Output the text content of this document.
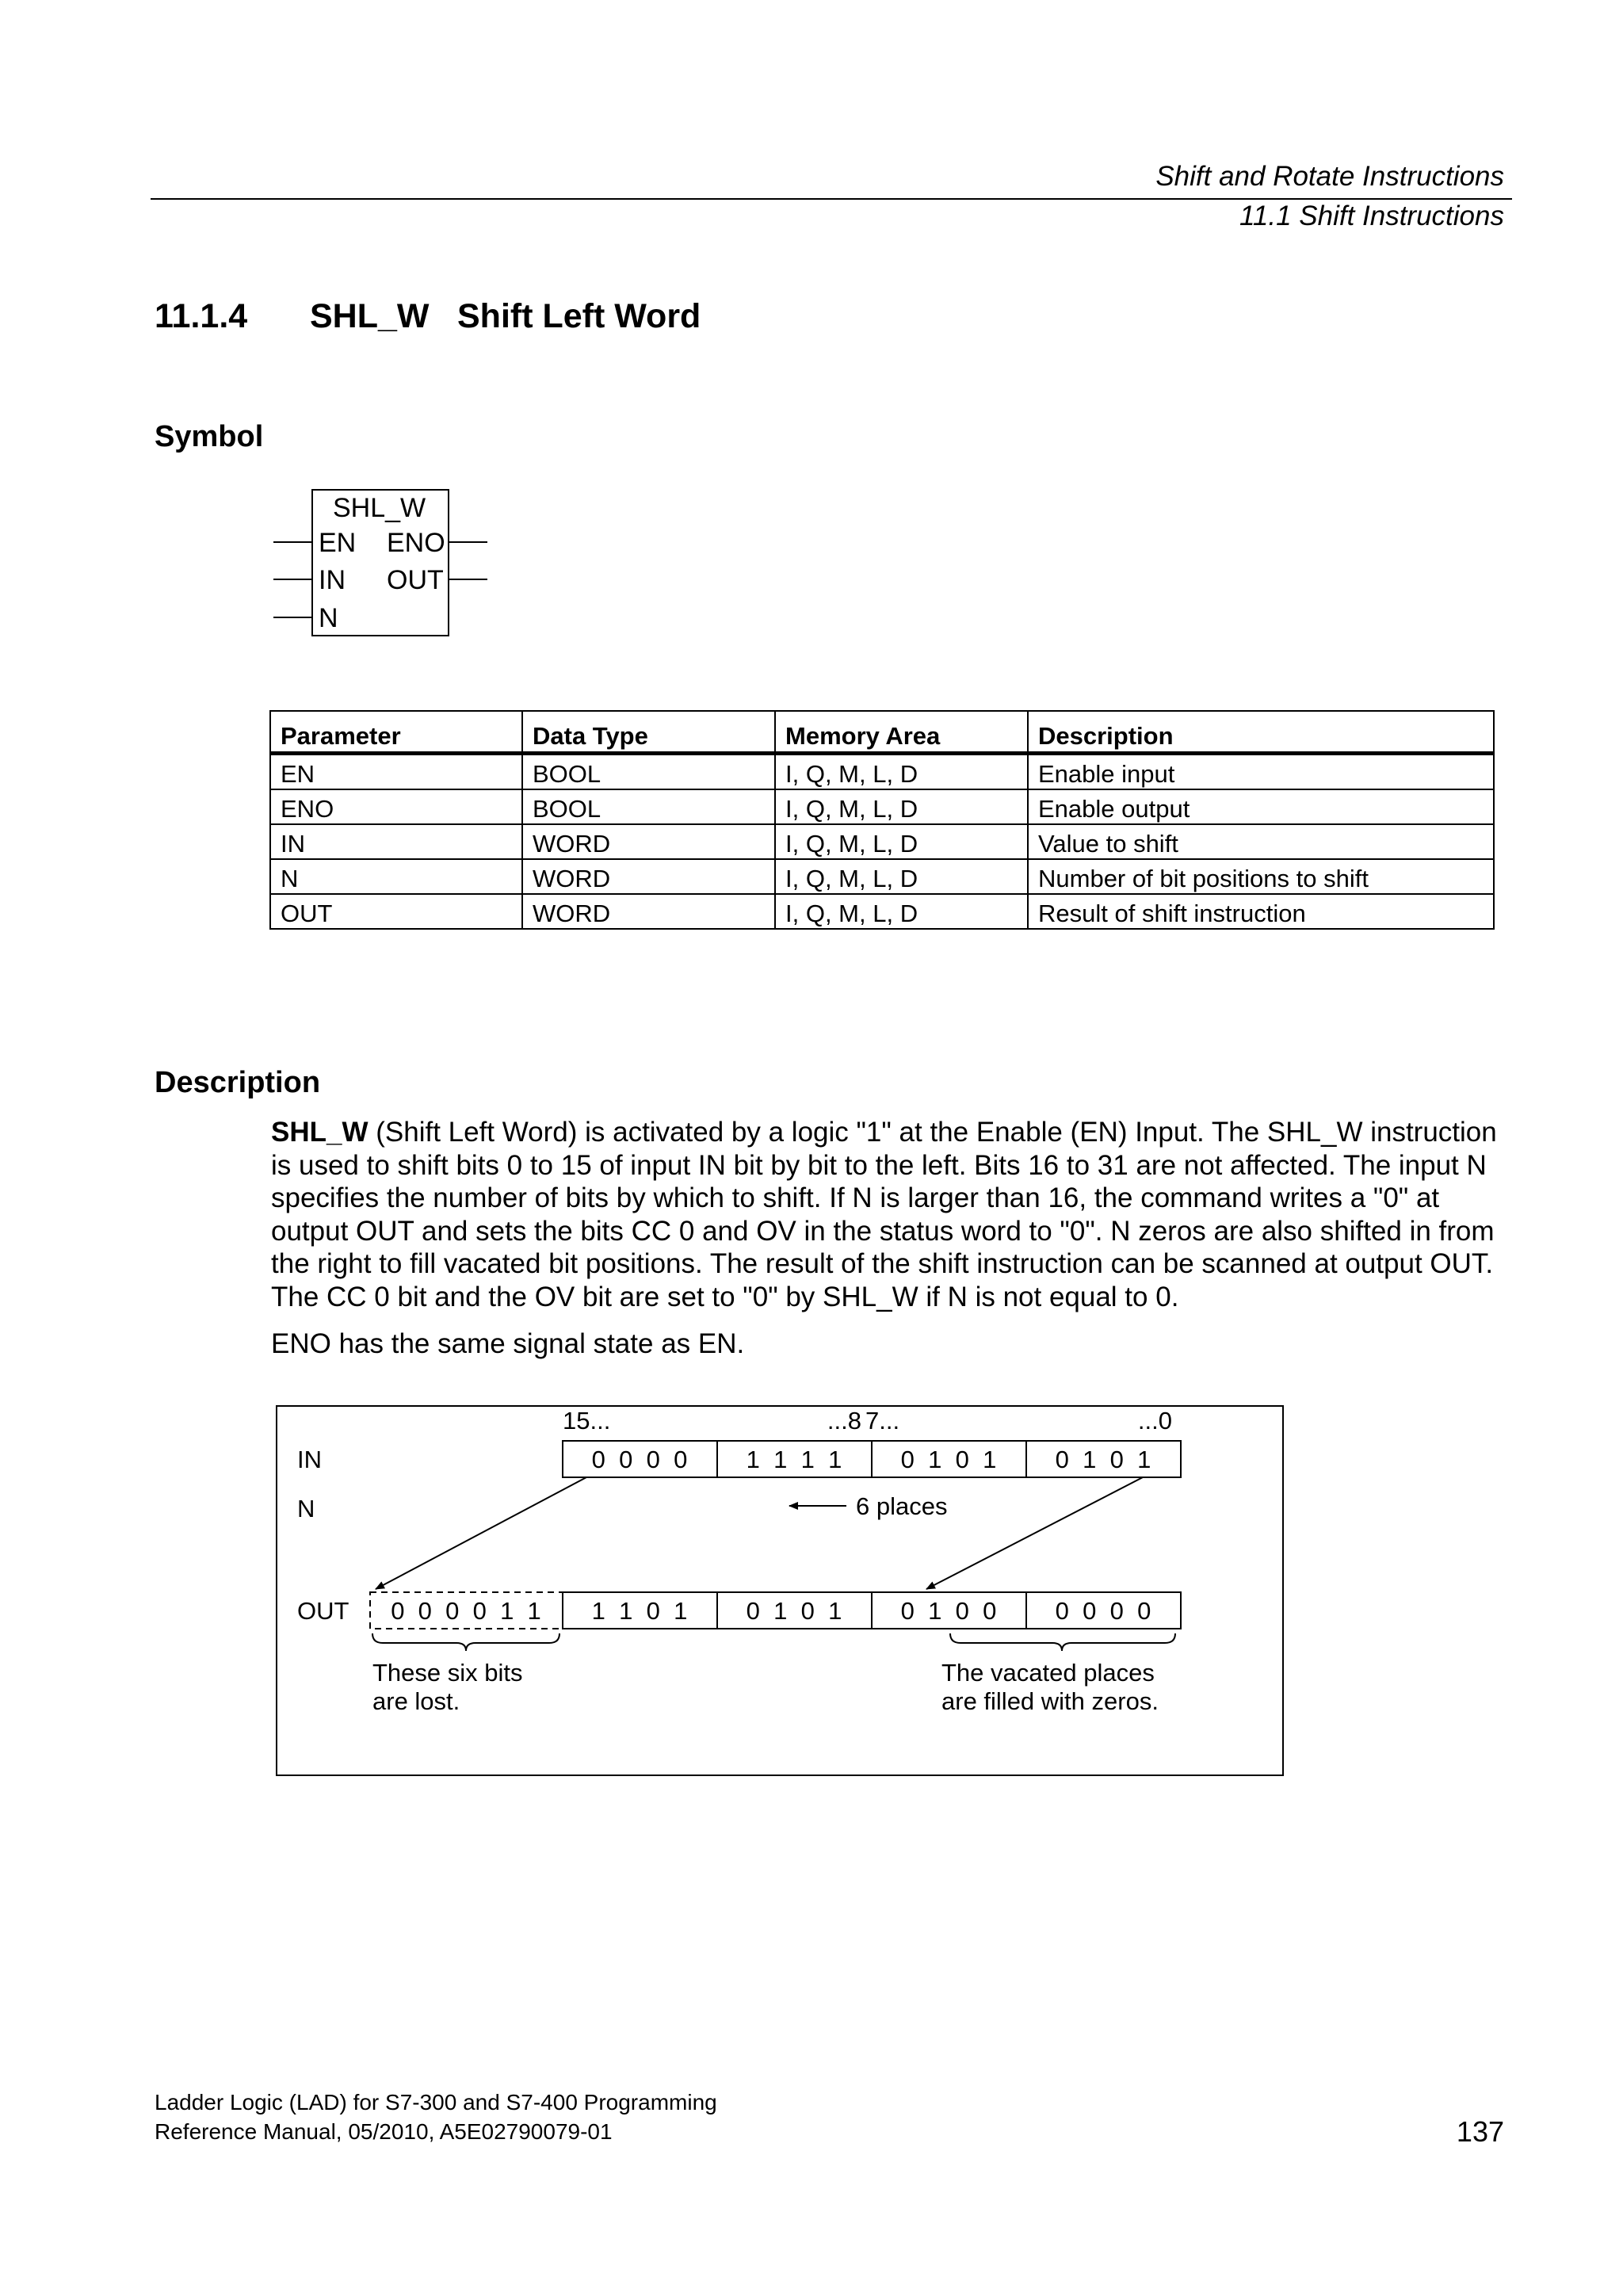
Shift and Rotate Instructions
11.1 Shift Instructions
11.1.4 SHL_W Shift Left Word
Symbol
SHL_W
EN
IN
N
ENO
OUT
Parameter	Data Type	Memory Area	Description
EN	BOOL	I, Q, M, L, D	Enable input
ENO	BOOL	I, Q, M, L, D	Enable output
IN	WORD	I, Q, M, L, D	Value to shift
N	WORD	I, Q, M, L, D	Number of bit positions to shift
OUT	WORD	I, Q, M, L, D	Result of shift instruction
Description
SHL_W (Shift Left Word) is activated by a logic "1" at the Enable (EN) Input. The SHL_W instruction is used to shift bits 0 to 15 of input IN bit by bit to the left. Bits 16 to 31 are not affected. The input N specifies the number of bits by which to shift. If N is larger than 16, the command writes a "0" at output OUT and sets the bits CC 0 and OV in the status word to "0". N zeros are also shifted in from the right to fill vacated bit positions. The result of the shift instruction can be scanned at output OUT. The CC 0 bit and the OV bit are set to "0" by SHL_W if N is not equal to 0.
ENO has the same signal state as EN.
15...	...8 7...	...0
IN
N
OUT
0  0  0  0 1  1  1  1 0  1  0  1 0  1  0  1
6 places
0  0  0  0  1  1 1  1  0  1 0  1  0  1 0  1  0  0 0  0  0  0
These six bits
are lost.
The vacated places
are filled with zeros.
Ladder Logic (LAD) for S7-300 and S7-400 Programming
Reference Manual, 05/2010, A5E02790079-01	137
